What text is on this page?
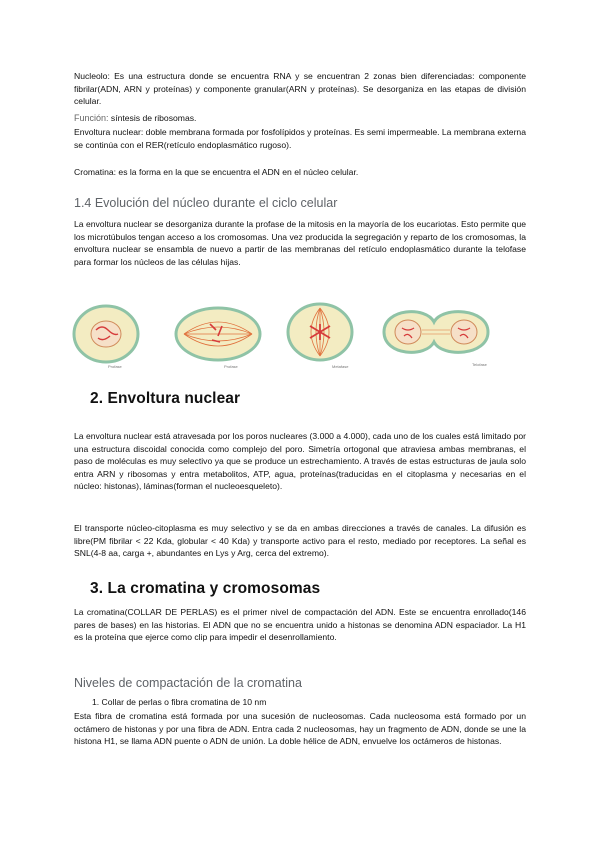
Nucleolo: Es una estructura donde se encuentra RNA y se encuentran 2 zonas bien diferenciadas: componente fibrilar(ADN, ARN y proteínas) y componente granular(ARN y proteínas). Se desorganiza en las etapas de división celular.

Función: síntesis de ribosomas.

Envoltura nuclear: doble membrana formada por fosfolípidos y proteínas. Es semi impermeable. La membrana externa se continúa con el RER(retículo endoplasmático rugoso).

Cromatina: es la forma en la que se encuentra el ADN en el núcleo celular.

1.4 Evolución del núcleo durante el ciclo celular

La envoltura nuclear se desorganiza durante la profase de la mitosis en la mayoría de los eucariotas. Esto permite que los microtúbulos tengan acceso a los cromosomas. Una vez producida la segregación y reparto de los cromosomas, la envoltura nuclear se ensambla de nuevo a partir de las membranas del retículo endoplasmático durante la telofase para formar los núcleos de las células hijas.

Profase	Profase	Metafase	Telofase
2. Envoltura nuclear

La envoltura nuclear está atravesada por los poros nucleares (3.000 a 4.000), cada uno de los cuales está limitado por una estructura discoidal conocida como complejo del poro. Simetría ortogonal que atraviesa ambas membranas, el paso de moléculas es muy selectivo ya que se produce un estrechamiento. A través de estas estructuras de jaula solo entra ARN y ribosomas y entra metabolitos, ATP, agua, proteínas(traducidas en el citoplasma y necesarias en el núcleo: histonas), láminas(forman el nucleoesqueleto).

El transporte núcleo-citoplasma es muy selectivo y se da en ambas direcciones a través de canales. La difusión es libre(PM fibrilar < 22 Kda, globular < 40 Kda) y transporte activo para el resto, mediado por receptores. La señal es SNL(4-8 aa, carga +, abundantes en Lys y Arg, cerca del extremo).

3. La cromatina y cromosomas

La cromatina(COLLAR DE PERLAS) es el primer nivel de compactación del ADN. Este se encuentra enrollado(146 pares de bases) en las historias. El ADN que no se encuentra unido a histonas se denomina ADN espaciador. La H1 es la proteína que ejerce como clip para impedir el desenrollamiento.

Niveles de compactación de la cromatina

1. Collar de perlas o fibra cromatina de 10 nm

Esta fibra de cromatina está formada por una sucesión de nucleosomas. Cada nucleosoma está formado por un octámero de histonas y por una fibra de ADN. Entra cada 2 nucleosomas, hay un fragmento de ADN, donde se une la histona H1, se llama ADN puente o ADN de unión. La doble hélice de ADN, envuelve los octámeros de histonas.
